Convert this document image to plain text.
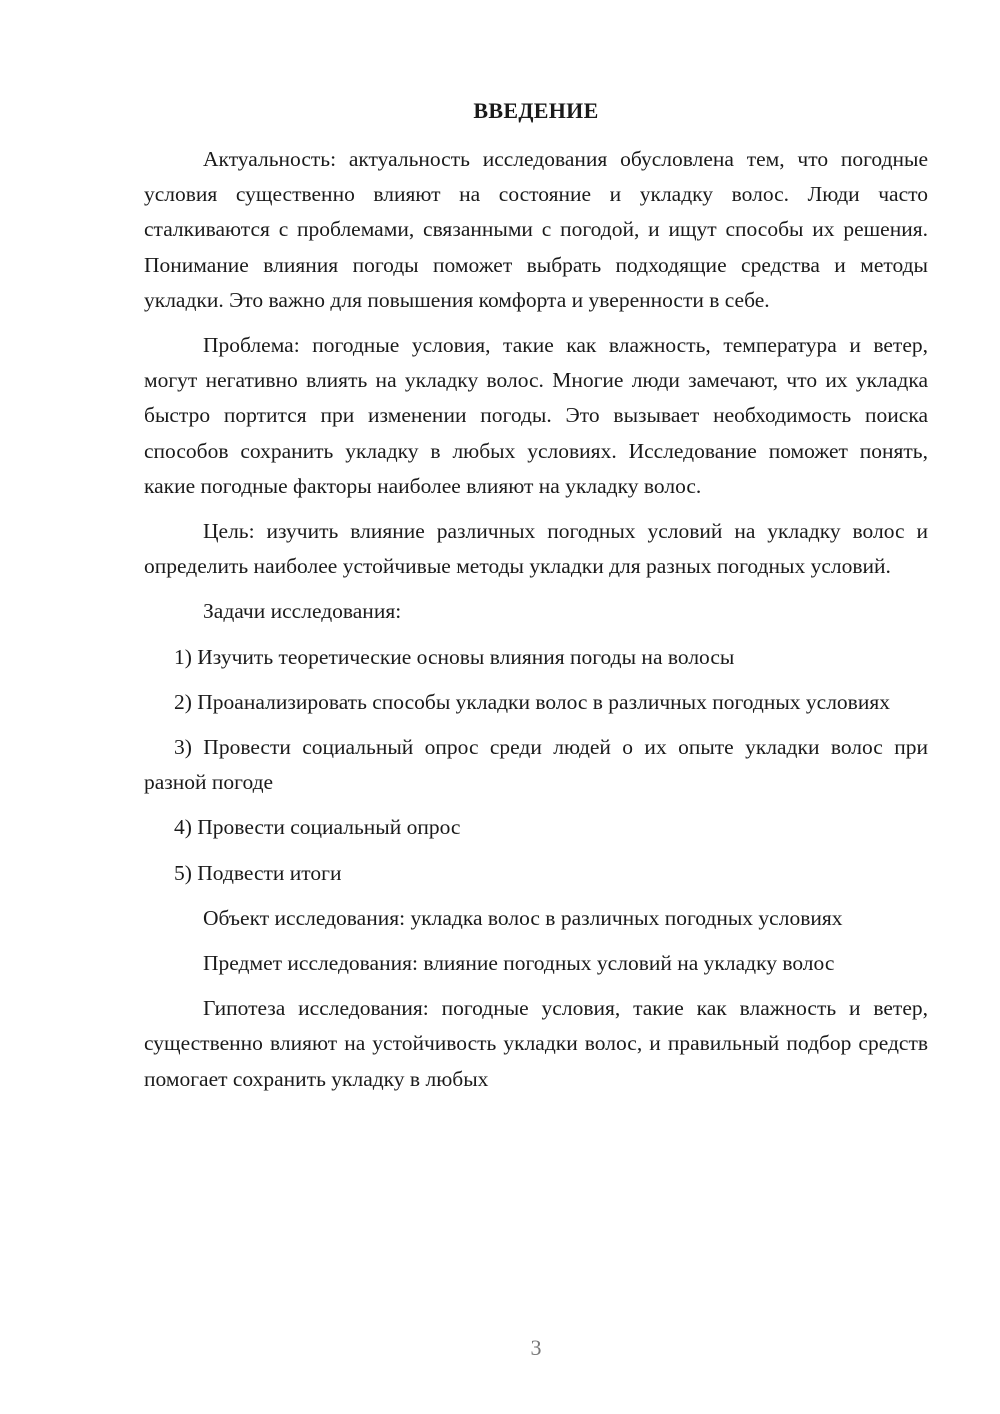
ВВЕДЕНИЕ

Актуальность: актуальность исследования обусловлена тем, что погодные условия существенно влияют на состояние и укладку волос. Люди часто сталкиваются с проблемами, связанными с погодой, и ищут способы их решения. Понимание влияния погоды поможет выбрать подходящие средства и методы укладки. Это важно для повышения комфорта и уверенности в себе.

Проблема: погодные условия, такие как влажность, температура и ветер, могут негативно влиять на укладку волос. Многие люди замечают, что их укладка быстро портится при изменении погоды. Это вызывает необходимость поиска способов сохранить укладку в любых условиях. Исследование поможет понять, какие погодные факторы наиболее влияют на укладку волос.

Цель: изучить влияние различных погодных условий на укладку волос и определить наиболее устойчивые методы укладки для разных погодных условий.

Задачи исследования:

1) Изучить теоретические основы влияния погоды на волосы

2) Проанализировать способы укладки волос в различных погодных условиях

3) Провести социальный опрос среди людей о их опыте укладки волос при разной погоде

4) Провести социальный опрос

5) Подвести итоги

Объект исследования: укладка волос в различных погодных условиях

Предмет исследования: влияние погодных условий на укладку волос

Гипотеза исследования: погодные условия, такие как влажность и ветер, существенно влияют на устойчивость укладки волос, и правильный подбор средств помогает сохранить укладку в любых

3
